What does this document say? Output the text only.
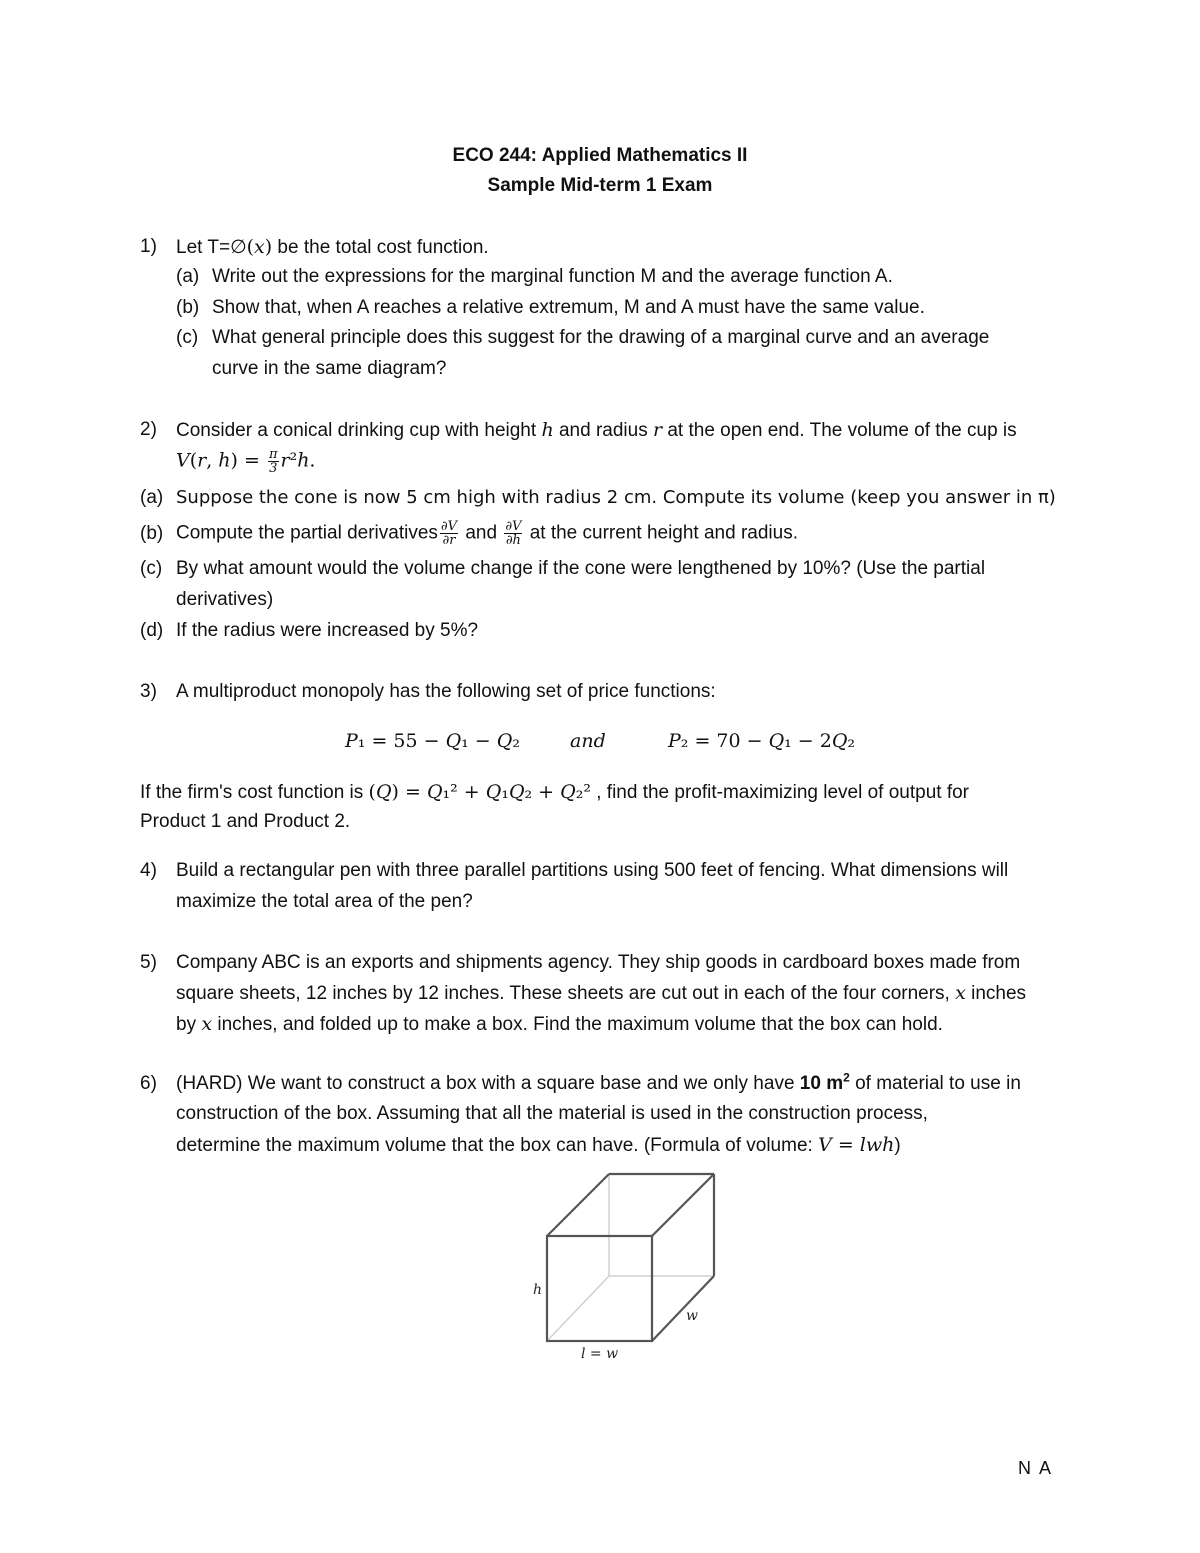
ECO 244: Applied Mathematics II
Sample Mid-term 1 Exam
1) Let T=∅(𝑥) be the total cost function.
(a) Write out the expressions for the marginal function M and the average function A.
(b) Show that, when A reaches a relative extremum, M and A must have the same value.
(c) What general principle does this suggest for the drawing of a marginal curve and an average
curve in the same diagram?
2) Consider a conical drinking cup with height h and radius r at the open end. The volume of the cup is
𝑉(𝑟, ℎ) = $\frac{\pi}{3}$ 𝑟²ℎ.
(a) Suppose the cone is now 5 cm high with radius 2 cm. Compute its volume (keep you answer in π)
(b) Compute the partial derivatives $\frac{\partial V}{\partial r}$ and $\frac{\partial V}{\partial h}$ at the current height and radius.
(c) By what amount would the volume change if the cone were lengthened by 10%? (Use the partial
derivatives)
(d) If the radius were increased by 5%?
3) A multiproduct monopoly has the following set of price functions:
𝑃₁ = 55 − 𝑄₁ − 𝑄₂	and	𝑃₂ = 70 − 𝑄₁ − 2𝑄₂
If the firm's cost function is (𝑄) = 𝑄₁² + 𝑄₁𝑄₂ + 𝑄₂² , find the profit-maximizing level of output for
Product 1 and Product 2.
4) Build a rectangular pen with three parallel partitions using 500 feet of fencing. What dimensions will
maximize the total area of the pen?
5) Company ABC is an exports and shipments agency. They ship goods in cardboard boxes made from
square sheets, 12 inches by 12 inches. These sheets are cut out in each of the four corners, x inches
by x inches, and folded up to make a box. Find the maximum volume that the box can hold.
6) (HARD) We want to construct a box with a square base and we only have 10 $m^2$ of material to use in
construction of the box. Assuming that all the material is used in the construction process,
determine the maximum volume that the box can have. (Formula of volume: 𝑉 = 𝑙𝑤ℎ)
h
w
l = w
N A
